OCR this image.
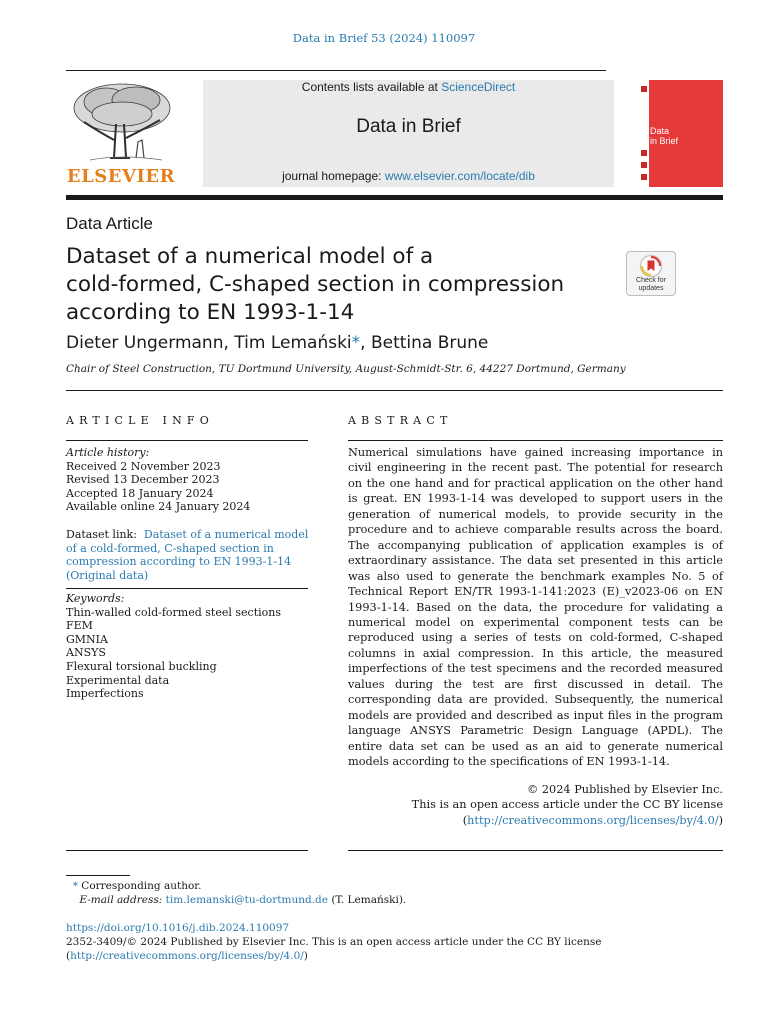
Data in Brief 53 (2024) 110097
ELSEVIER
Contents lists available at ScienceDirect
Data in Brief
journal homepage: www.elsevier.com/locate/dib
Data
in Brief
Data Article
Dataset of a numerical model of a
cold-formed, C-shaped section in compression
according to EN 1993-1-14
Check for
updates
Dieter Ungermann, Tim Lemański*, Bettina Brune
Chair of Steel Construction, TU Dortmund University, August-Schmidt-Str. 6, 44227 Dortmund, Germany
ARTICLE INFO	ABSTRACT
Article history:
Received 2 November 2023
Revised 13 December 2023
Accepted 18 January 2024
Available online 24 January 2024
Dataset link: Dataset of a numerical model
of a cold-formed, C-shaped section in
compression according to EN 1993-1-14
(Original data)
Keywords:
Thin-walled cold-formed steel sections
FEM
GMNIA
ANSYS
Flexural torsional buckling
Experimental data
Imperfections
Numerical simulations have gained increasing importance in civil engineering in the recent past. The potential for research on the one hand and for practical application on the other hand is great. EN 1993-1-14 was developed to support users in the generation of numerical models, to provide security in the procedure and to achieve comparable results across the board. The accompanying publication of application examples is of extraordinary assistance. The data set presented in this article was also used to generate the benchmark examples No. 5 of Technical Report EN/TR 1993-1-141:2023 (E)_v2023-06 on EN 1993-1-14. Based on the data, the procedure for validating a numerical model on experimental component tests can be reproduced using a series of tests on cold-formed, C-shaped columns in axial compression. In this article, the measured imperfections of the test specimens and the recorded measured values during the test are first discussed in detail. The corresponding data are provided. Subsequently, the numerical models are provided and described as input files in the program language ANSYS Parametric Design Language (APDL). The entire data set can be used as an aid to generate numerical models according to the specifications of EN 1993-1-14.
© 2024 Published by Elsevier Inc.
This is an open access article under the CC BY license
(http://creativecommons.org/licenses/by/4.0/)
* Corresponding author.
E-mail address: tim.lemanski@tu-dortmund.de (T. Lemański).
https://doi.org/10.1016/j.dib.2024.110097
2352-3409/© 2024 Published by Elsevier Inc. This is an open access article under the CC BY license
(http://creativecommons.org/licenses/by/4.0/)
